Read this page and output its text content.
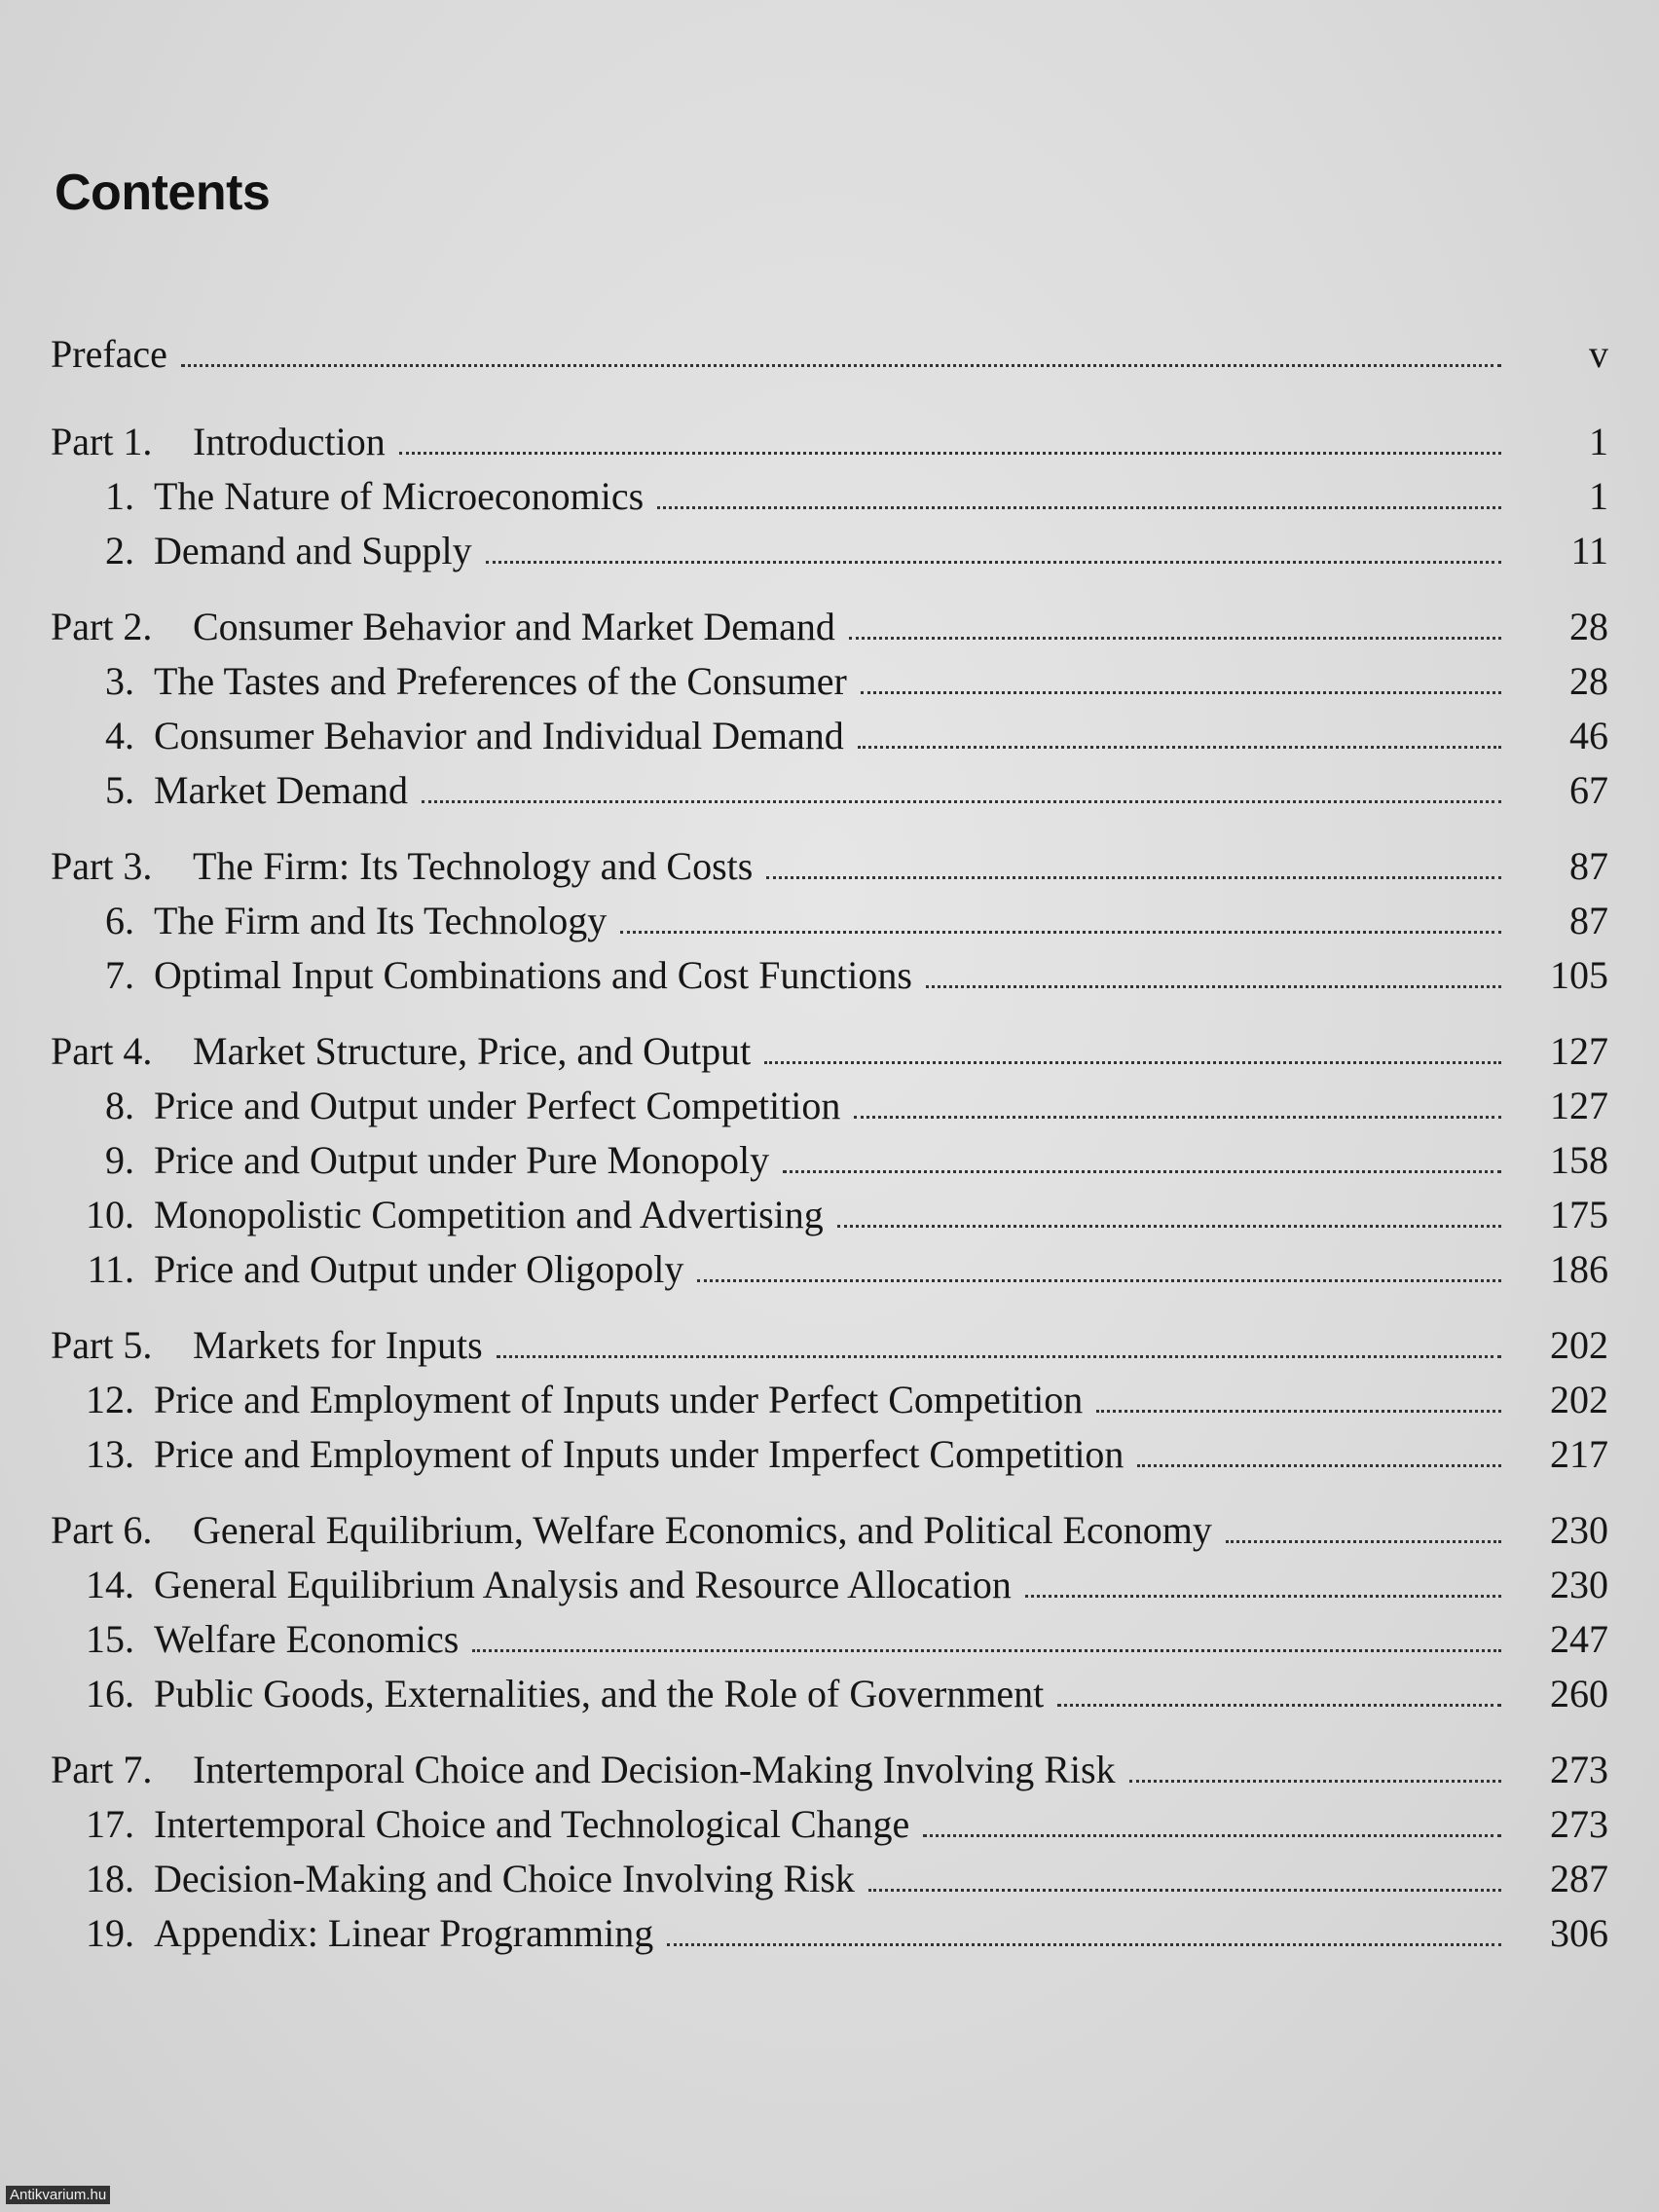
Contents
Preface	v
Part 1.	Introduction	1
1. The Nature of Microeconomics	1
2. Demand and Supply	11
Part 2.	Consumer Behavior and Market Demand	28
3. The Tastes and Preferences of the Consumer	28
4. Consumer Behavior and Individual Demand	46
5. Market Demand	67
Part 3.	The Firm: Its Technology and Costs	87
6. The Firm and Its Technology	87
7. Optimal Input Combinations and Cost Functions	105
Part 4.	Market Structure, Price, and Output	127
8. Price and Output under Perfect Competition	127
9. Price and Output under Pure Monopoly	158
10. Monopolistic Competition and Advertising	175
11. Price and Output under Oligopoly	186
Part 5.	Markets for Inputs	202
12. Price and Employment of Inputs under Perfect Competition	202
13. Price and Employment of Inputs under Imperfect Competition	217
Part 6.	General Equilibrium, Welfare Economics, and Political Economy	230
14. General Equilibrium Analysis and Resource Allocation	230
15. Welfare Economics	247
16. Public Goods, Externalities, and the Role of Government	260
Part 7.	Intertemporal Choice and Decision-Making Involving Risk	273
17. Intertemporal Choice and Technological Change	273
18. Decision-Making and Choice Involving Risk	287
19. Appendix: Linear Programming	306
Antikvarium.hu
